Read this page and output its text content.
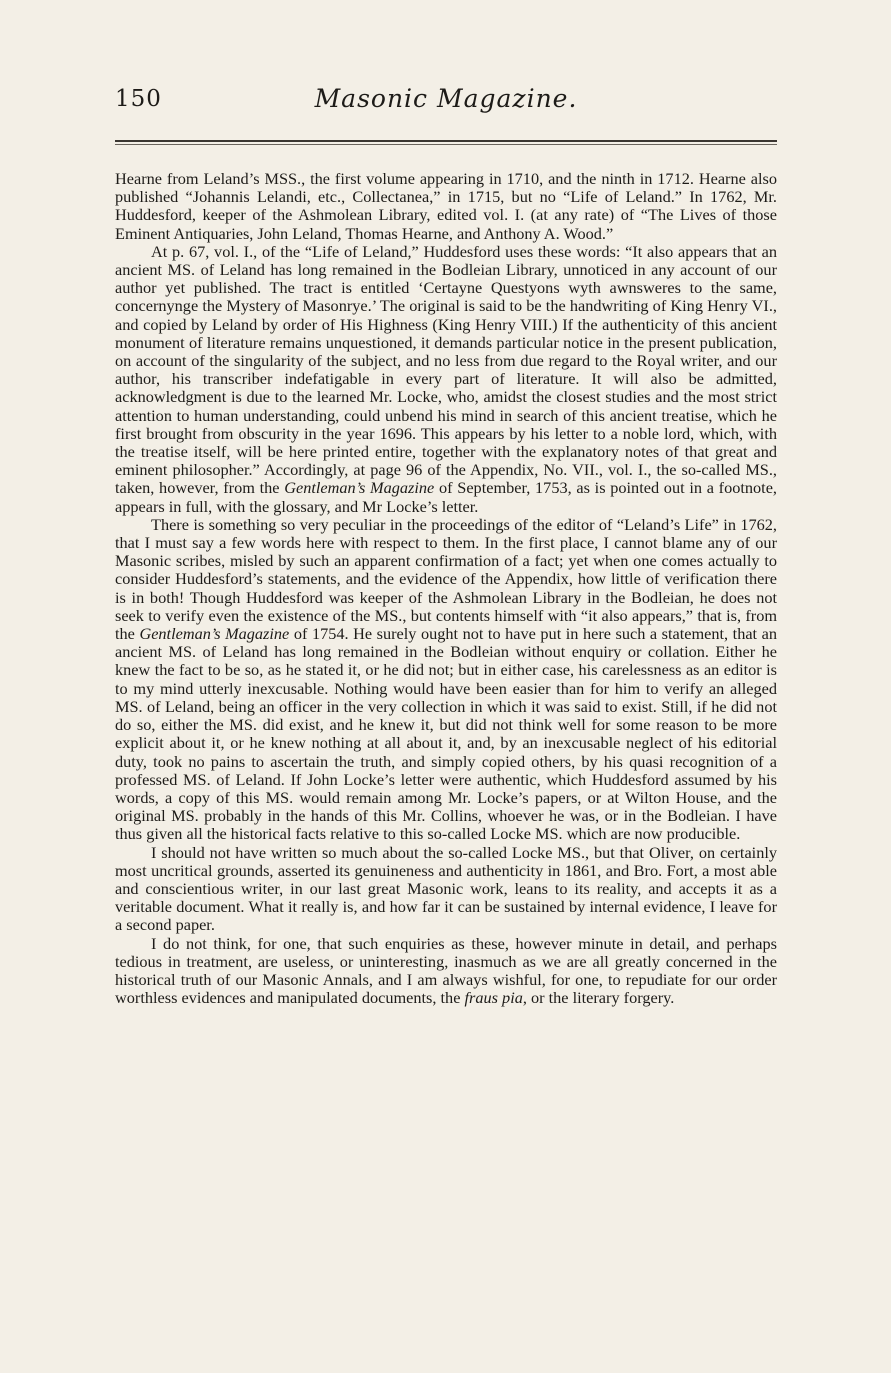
150	Masonic Magazine.

Hearne from Leland’s MSS., the first volume appearing in 1710, and the ninth in 1712. Hearne also published “Johannis Lelandi, etc., Collectanea,” in 1715, but no “Life of Leland.” In 1762, Mr. Huddesford, keeper of the Ashmolean Library, edited vol. I. (at any rate) of “The Lives of those Eminent Antiquaries, John Leland, Thomas Hearne, and Anthony A. Wood.”

At p. 67, vol. I., of the “Life of Leland,” Huddesford uses these words: “It also appears that an ancient MS. of Leland has long remained in the Bodleian Library, unnoticed in any account of our author yet published. The tract is entitled ‘Certayne Questyons wyth awnsweres to the same, concernynge the Mystery of Masonrye.’ The original is said to be the handwriting of King Henry VI., and copied by Leland by order of His Highness (King Henry VIII.) If the authenticity of this ancient monument of literature remains unquestioned, it demands particular notice in the present publication, on account of the singularity of the subject, and no less from due regard to the Royal writer, and our author, his transcriber indefatigable in every part of literature. It will also be admitted, acknowledgment is due to the learned Mr. Locke, who, amidst the closest studies and the most strict attention to human understanding, could unbend his mind in search of this ancient treatise, which he first brought from obscurity in the year 1696. This appears by his letter to a noble lord, which, with the treatise itself, will be here printed entire, together with the explanatory notes of that great and eminent philosopher.” Accordingly, at page 96 of the Appendix, No. VII., vol. I., the so-called MS., taken, however, from the Gentleman’s Magazine of September, 1753, as is pointed out in a footnote, appears in full, with the glossary, and Mr Locke’s letter.

There is something so very peculiar in the proceedings of the editor of “Leland’s Life” in 1762, that I must say a few words here with respect to them. In the first place, I cannot blame any of our Masonic scribes, misled by such an apparent confirmation of a fact; yet when one comes actually to consider Huddesford’s statements, and the evidence of the Appendix, how little of verification there is in both! Though Huddesford was keeper of the Ashmolean Library in the Bodleian, he does not seek to verify even the existence of the MS., but contents himself with “it also appears,” that is, from the Gentleman’s Magazine of 1754. He surely ought not to have put in here such a statement, that an ancient MS. of Leland has long remained in the Bodleian without enquiry or collation. Either he knew the fact to be so, as he stated it, or he did not; but in either case, his carelessness as an editor is to my mind utterly inexcusable. Nothing would have been easier than for him to verify an alleged MS. of Leland, being an officer in the very collection in which it was said to exist. Still, if he did not do so, either the MS. did exist, and he knew it, but did not think well for some reason to be more explicit about it, or he knew nothing at all about it, and, by an inexcusable neglect of his editorial duty, took no pains to ascertain the truth, and simply copied others, by his quasi recognition of a professed MS. of Leland. If John Locke’s letter were authentic, which Huddesford assumed by his words, a copy of this MS. would remain among Mr. Locke’s papers, or at Wilton House, and the original MS. probably in the hands of this Mr. Collins, whoever he was, or in the Bodleian. I have thus given all the historical facts relative to this so-called Locke MS. which are now producible.

I should not have written so much about the so-called Locke MS., but that Oliver, on certainly most uncritical grounds, asserted its genuineness and authenticity in 1861, and Bro. Fort, a most able and conscientious writer, in our last great Masonic work, leans to its reality, and accepts it as a veritable document. What it really is, and how far it can be sustained by internal evidence, I leave for a second paper.

I do not think, for one, that such enquiries as these, however minute in detail, and perhaps tedious in treatment, are useless, or uninteresting, inasmuch as we are all greatly concerned in the historical truth of our Masonic Annals, and I am always wishful, for one, to repudiate for our order worthless evidences and manipulated documents, the fraus pia, or the literary forgery.
